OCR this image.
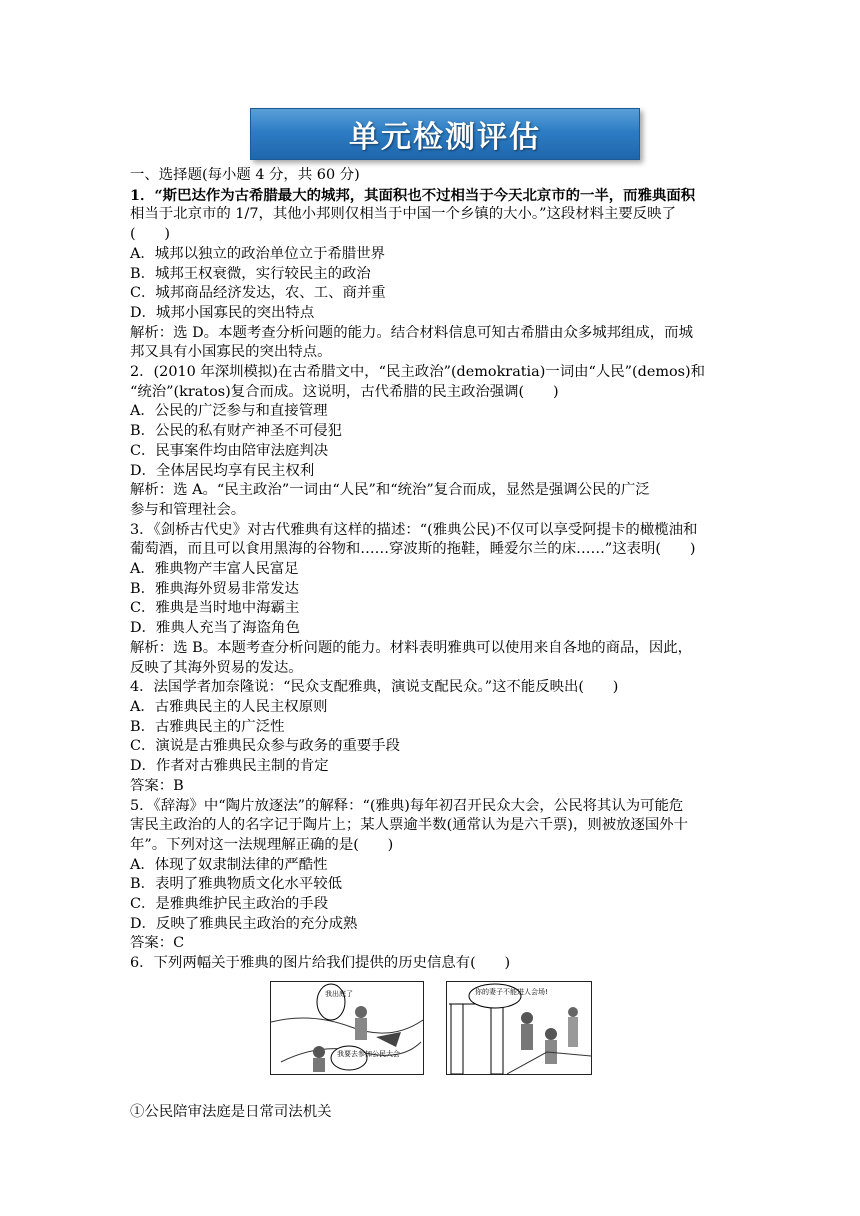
单元检测评估

一、选择题(每小题 4 分，共 60 分)

1．“斯巴达作为古希腊最大的城邦，其面积也不过相当于今天北京市的一半，而雅典面积

相当于北京市的 1/7，其他小邦则仅相当于中国一个乡镇的大小。”这段材料主要反映了

(　　)

A．城邦以独立的政治单位立于希腊世界

B．城邦王权衰微，实行较民主的政治

C．城邦商品经济发达，农、工、商并重

D．城邦小国寡民的突出特点

解析：选 D。本题考查分析问题的能力。结合材料信息可知古希腊由众多城邦组成，而城

邦又具有小国寡民的突出特点。

2．(2010 年深圳模拟)在古希腊文中，“民主政治”(demokratia)一词由“人民”(demos)和

“统治”(kratos)复合而成。这说明，古代希腊的民主政治强调(　　)

A．公民的广泛参与和直接管理

B．公民的私有财产神圣不可侵犯

C．民事案件均由陪审法庭判决

D．全体居民均享有民主权利

解析：选 A。“民主政治”一词由“人民”和“统治”复合而成，显然是强调公民的广泛

参与和管理社会。

3．《剑桥古代史》对古代雅典有这样的描述：“(雅典公民)不仅可以享受阿提卡的橄榄油和

葡萄酒，而且可以食用黑海的谷物和……穿波斯的拖鞋，睡爱尔兰的床……”这表明(　　)

A．雅典物产丰富人民富足

B．雅典海外贸易非常发达

C．雅典是当时地中海霸主

D．雅典人充当了海盗角色

解析：选 B。本题考查分析问题的能力。材料表明雅典可以使用来自各地的商品，因此，

反映了其海外贸易的发达。

4．法国学者加奈隆说：“民众支配雅典，演说支配民众。”这不能反映出(　　)

A．古雅典民主的人民主权原则

B．古雅典民主的广泛性

C．演说是古雅典民众参与政务的重要手段

D．作者对古雅典民主制的肯定

答案：B

5．《辞海》中“陶片放逐法”的解释：“(雅典)每年初召开民众大会，公民将其认为可能危

害民主政治的人的名字记于陶片上；某人票逾半数(通常认为是六千票)，则被放逐国外十

年”。下列对这一法规理解正确的是(　　)

A．体现了奴隶制法律的严酷性

B．表明了雅典物质文化水平较低

C．是雅典维护民主政治的手段

D．反映了雅典民主政治的充分成熟

答案：C

6．下列两幅关于雅典的图片给我们提供的历史信息有(　　)

我出庭了
我要去参加公民大会
你的妻子不能进人会场!

①公民陪审法庭是日常司法机关
